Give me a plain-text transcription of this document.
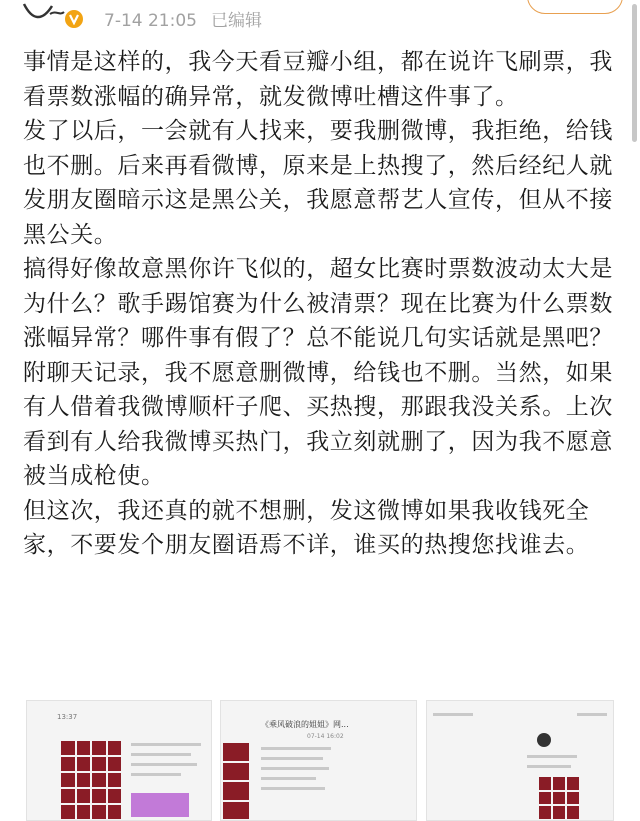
7-14 21:05 已编辑

事情是这样的，我今天看豆瓣小组，都在说许飞刷票，我看票数涨幅的确异常，就发微博吐槽这件事了。

发了以后，一会就有人找来，要我删微博，我拒绝，给钱也不删。后来再看微博，原来是上热搜了，然后经纪人就发朋友圈暗示这是黑公关，我愿意帮艺人宣传，但从不接黑公关。

搞得好像故意黑你许飞似的，超女比赛时票数波动太大是为什么？歌手踢馆赛为什么被清票？现在比赛为什么票数涨幅异常？哪件事有假了？总不能说几句实话就是黑吧？

附聊天记录，我不愿意删微博，给钱也不删。当然，如果有人借着我微博顺杆子爬、买热搜，那跟我没关系。上次看到有人给我微博买热门，我立刻就删了，因为我不愿意被当成枪使。

但这次，我还真的就不想删，发这微博如果我收钱死全家，不要发个朋友圈语焉不详，谁买的热搜您找谁去。

13:37
《乘风破浪的姐姐》网...
07-14 16:02
